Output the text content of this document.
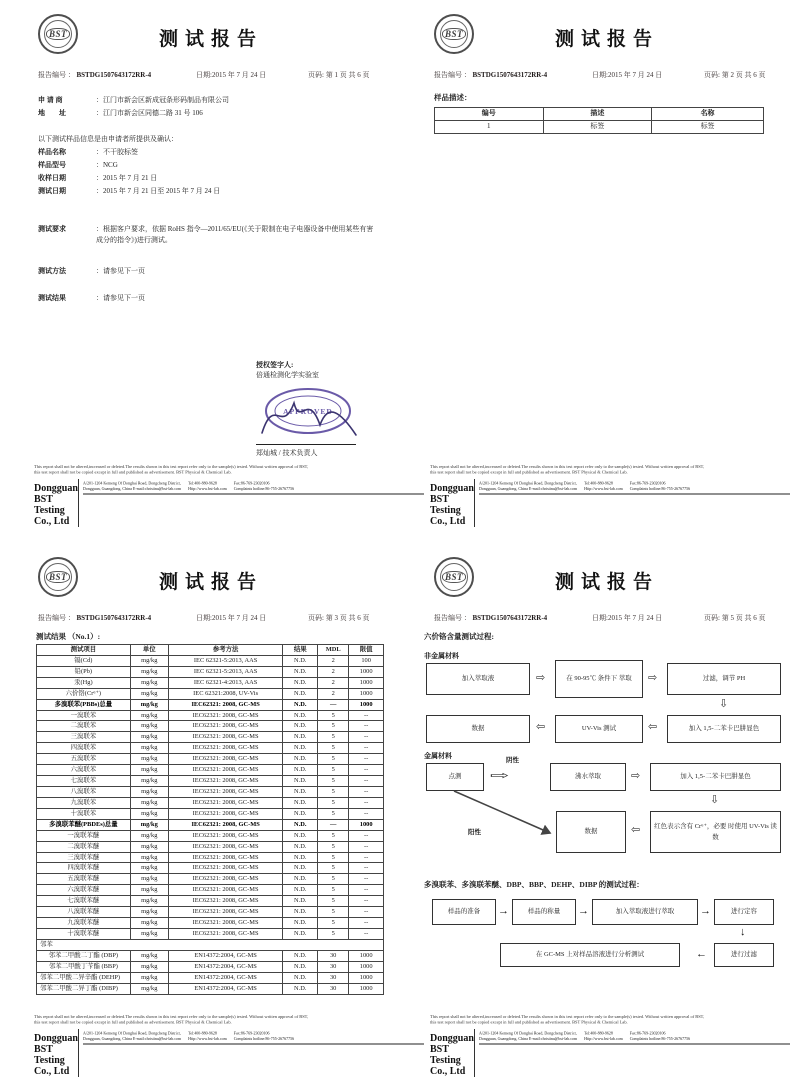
BST	测试报告
报告编号 ： BSTDG1507643172RR-4	日期:2015 年 7 月 24 日	页码: 第 1 页 共 6 页
申 请 商	：江门市新会区新成冠条形码制品有限公司
地　　址	：江门市新会区同德二路 31 号 106
以下测试样品信息是由申请者所提供及确认：
样品名称	：不干胶标签
样品型号	：NCG
收样日期	：2015 年 7 月 21 日
测试日期	：2015 年 7 月 21 日至 2015 年 7 月 24 日
测试要求	：根据客户要求，依据 RoHS 指令—2011/65/EU(《关于限制在电子电器设备中使用某些有害成分的指令》)进行测试。
测试方法	：请参见下一页
测试结果	：请参见下一页
授权签字人:
倍通检测化学实验室
APPROVED
郑灿城 / 技术负责人
This report shall not be altered,increased or deleted.The results shown in this test report refer only to the sample(s) tested. Without written approval of BST,
this test report shall not be copied except in full and published as advertisement. BST Physical & Chemical Lab.
Dongguan BST Testing Co., Ltd
A/201-1204 Kemeng Of Donghai Road, Dongcheng District,
Dongguan, Guangdong, China E-mail:christina@bst-lab.com
Tel:400-880-9628
Http://www.bst-lab.com
Fax:86-769-23020106
Complaints hotline:86-755-26767756
BST	测试报告
报告编号 ： BSTDG1507643172RR-4	日期:2015 年 7 月 24 日	页码: 第 2 页 共 6 页
样品描述：
编号	描述	名称
1	标签	标签
This report shall not be altered,increased or deleted.The results shown in this test report refer only to the sample(s) tested. Without written approval of BST,
this test report shall not be copied except in full and published as advertisement. BST Physical & Chemical Lab.
Dongguan BST Testing Co., Ltd
A/201-1204 Kemeng Of Donghai Road, Dongcheng District,
Dongguan, Guangdong, China E-mail:christina@bst-lab.com
Tel:400-880-9628
Http://www.bst-lab.com
Fax:86-769-23020106
Complaints hotline:86-755-26767756
BST	测试报告
报告编号 ： BSTDG1507643172RR-4	日期:2015 年 7 月 24 日	页码: 第 3 页 共 6 页
测试结果 （No.1）:
测试项目	单位	参考方法	结果	MDL	限值
镉(Cd)	mg/kg	IEC 62321-5:2013, AAS	N.D.	2	100
铅(Pb)	mg/kg	IEC 62321-5:2013, AAS	N.D.	2	1000
汞(Hg)	mg/kg	IEC 62321-4:2013, AAS	N.D.	2	1000
六价铬(Cr⁶⁺)	mg/kg	IEC 62321:2008, UV-Vis	N.D.	2	1000
多溴联苯(PBBs)总量	mg/kg	IEC62321: 2008, GC-MS	N.D.	—	1000
一溴联苯	mg/kg	IEC62321: 2008, GC-MS	N.D.	5	--
二溴联苯	mg/kg	IEC62321: 2008, GC-MS	N.D.	5	--
三溴联苯	mg/kg	IEC62321: 2008, GC-MS	N.D.	5	--
四溴联苯	mg/kg	IEC62321: 2008, GC-MS	N.D.	5	--
五溴联苯	mg/kg	IEC62321: 2008, GC-MS	N.D.	5	--
六溴联苯	mg/kg	IEC62321: 2008, GC-MS	N.D.	5	--
七溴联苯	mg/kg	IEC62321: 2008, GC-MS	N.D.	5	--
八溴联苯	mg/kg	IEC62321: 2008, GC-MS	N.D.	5	--
九溴联苯	mg/kg	IEC62321: 2008, GC-MS	N.D.	5	--
十溴联苯	mg/kg	IEC62321: 2008, GC-MS	N.D.	5	--
多溴联苯醚(PBDEs)总量	mg/kg	IEC62321: 2008, GC-MS	N.D.	—	1000
一溴联苯醚	mg/kg	IEC62321: 2008, GC-MS	N.D.	5	--
二溴联苯醚	mg/kg	IEC62321: 2008, GC-MS	N.D.	5	--
三溴联苯醚	mg/kg	IEC62321: 2008, GC-MS	N.D.	5	--
四溴联苯醚	mg/kg	IEC62321: 2008, GC-MS	N.D.	5	--
五溴联苯醚	mg/kg	IEC62321: 2008, GC-MS	N.D.	5	--
六溴联苯醚	mg/kg	IEC62321: 2008, GC-MS	N.D.	5	--
七溴联苯醚	mg/kg	IEC62321: 2008, GC-MS	N.D.	5	--
八溴联苯醚	mg/kg	IEC62321: 2008, GC-MS	N.D.	5	--
九溴联苯醚	mg/kg	IEC62321: 2008, GC-MS	N.D.	5	--
十溴联苯醚	mg/kg	IEC62321: 2008, GC-MS	N.D.	5	--
邻苯					
邻苯二甲酸二丁酯 (DBP)	mg/kg	EN14372:2004, GC-MS	N.D.	30	1000
邻苯二甲酸丁苄酯 (BBP)	mg/kg	EN14372:2004, GC-MS	N.D.	30	1000
邻苯二甲酸二异辛酯 (DEHP)	mg/kg	EN14372:2004, GC-MS	N.D.	30	1000
邻苯二甲酸二异丁酯 (DIBP)	mg/kg	EN14372:2004, GC-MS	N.D.	30	1000
This report shall not be altered,increased or deleted.The results shown in this test report refer only to the sample(s) tested. Without written approval of BST,
this test report shall not be copied except in full and published as advertisement. BST Physical & Chemical Lab.
Dongguan BST Testing Co., Ltd
A/201-1204 Kemeng Of Donghai Road, Dongcheng District,
Dongguan, Guangdong, China E-mail:christina@bst-lab.com
Tel:400-880-9628
Http://www.bst-lab.com
Fax:86-769-23020106
Complaints hotline:86-755-26767756
BST	测试报告
报告编号 ： BSTDG1507643172RR-4	日期:2015 年 7 月 24 日	页码: 第 5 页 共 6 页
六价铬含量测试过程:
非金属材料
加入萃取液	⇨	在 90-95℃ 条件下 萃取	⇨	过滤，调节 PH
⇩
加入 1,5-二苯卡巴肼显色
⇦
UV-Vis 测试
⇦
数据
金属材料
点测
阴性
⇨	沸水萃取	⇨	加入 1,5-二苯卡巴肼显色
⇩
红色表示含有 Cr⁶⁺，必要 时使用 UV-Vis 读数
⇦
数据
阳性
多溴联苯、多溴联苯醚、DBP、BBP、DEHP、DIBP 的测试过程：
样品的准备	→	样品的称量	→	加入萃取液进行萃取	→	进行定容
↓
进行过滤
←
在 GC-MS 上对样品溶液进行分析测试
This report shall not be altered,increased or deleted.The results shown in this test report refer only to the sample(s) tested. Without written approval of BST,
this test report shall not be copied except in full and published as advertisement. BST Physical & Chemical Lab.
Dongguan BST Testing Co., Ltd
A/201-1204 Kemeng Of Donghai Road, Dongcheng District,
Dongguan, Guangdong, China E-mail:christina@bst-lab.com
Tel:400-880-9628
Http://www.bst-lab.com
Fax:86-769-23020106
Complaints hotline:86-755-26767756
